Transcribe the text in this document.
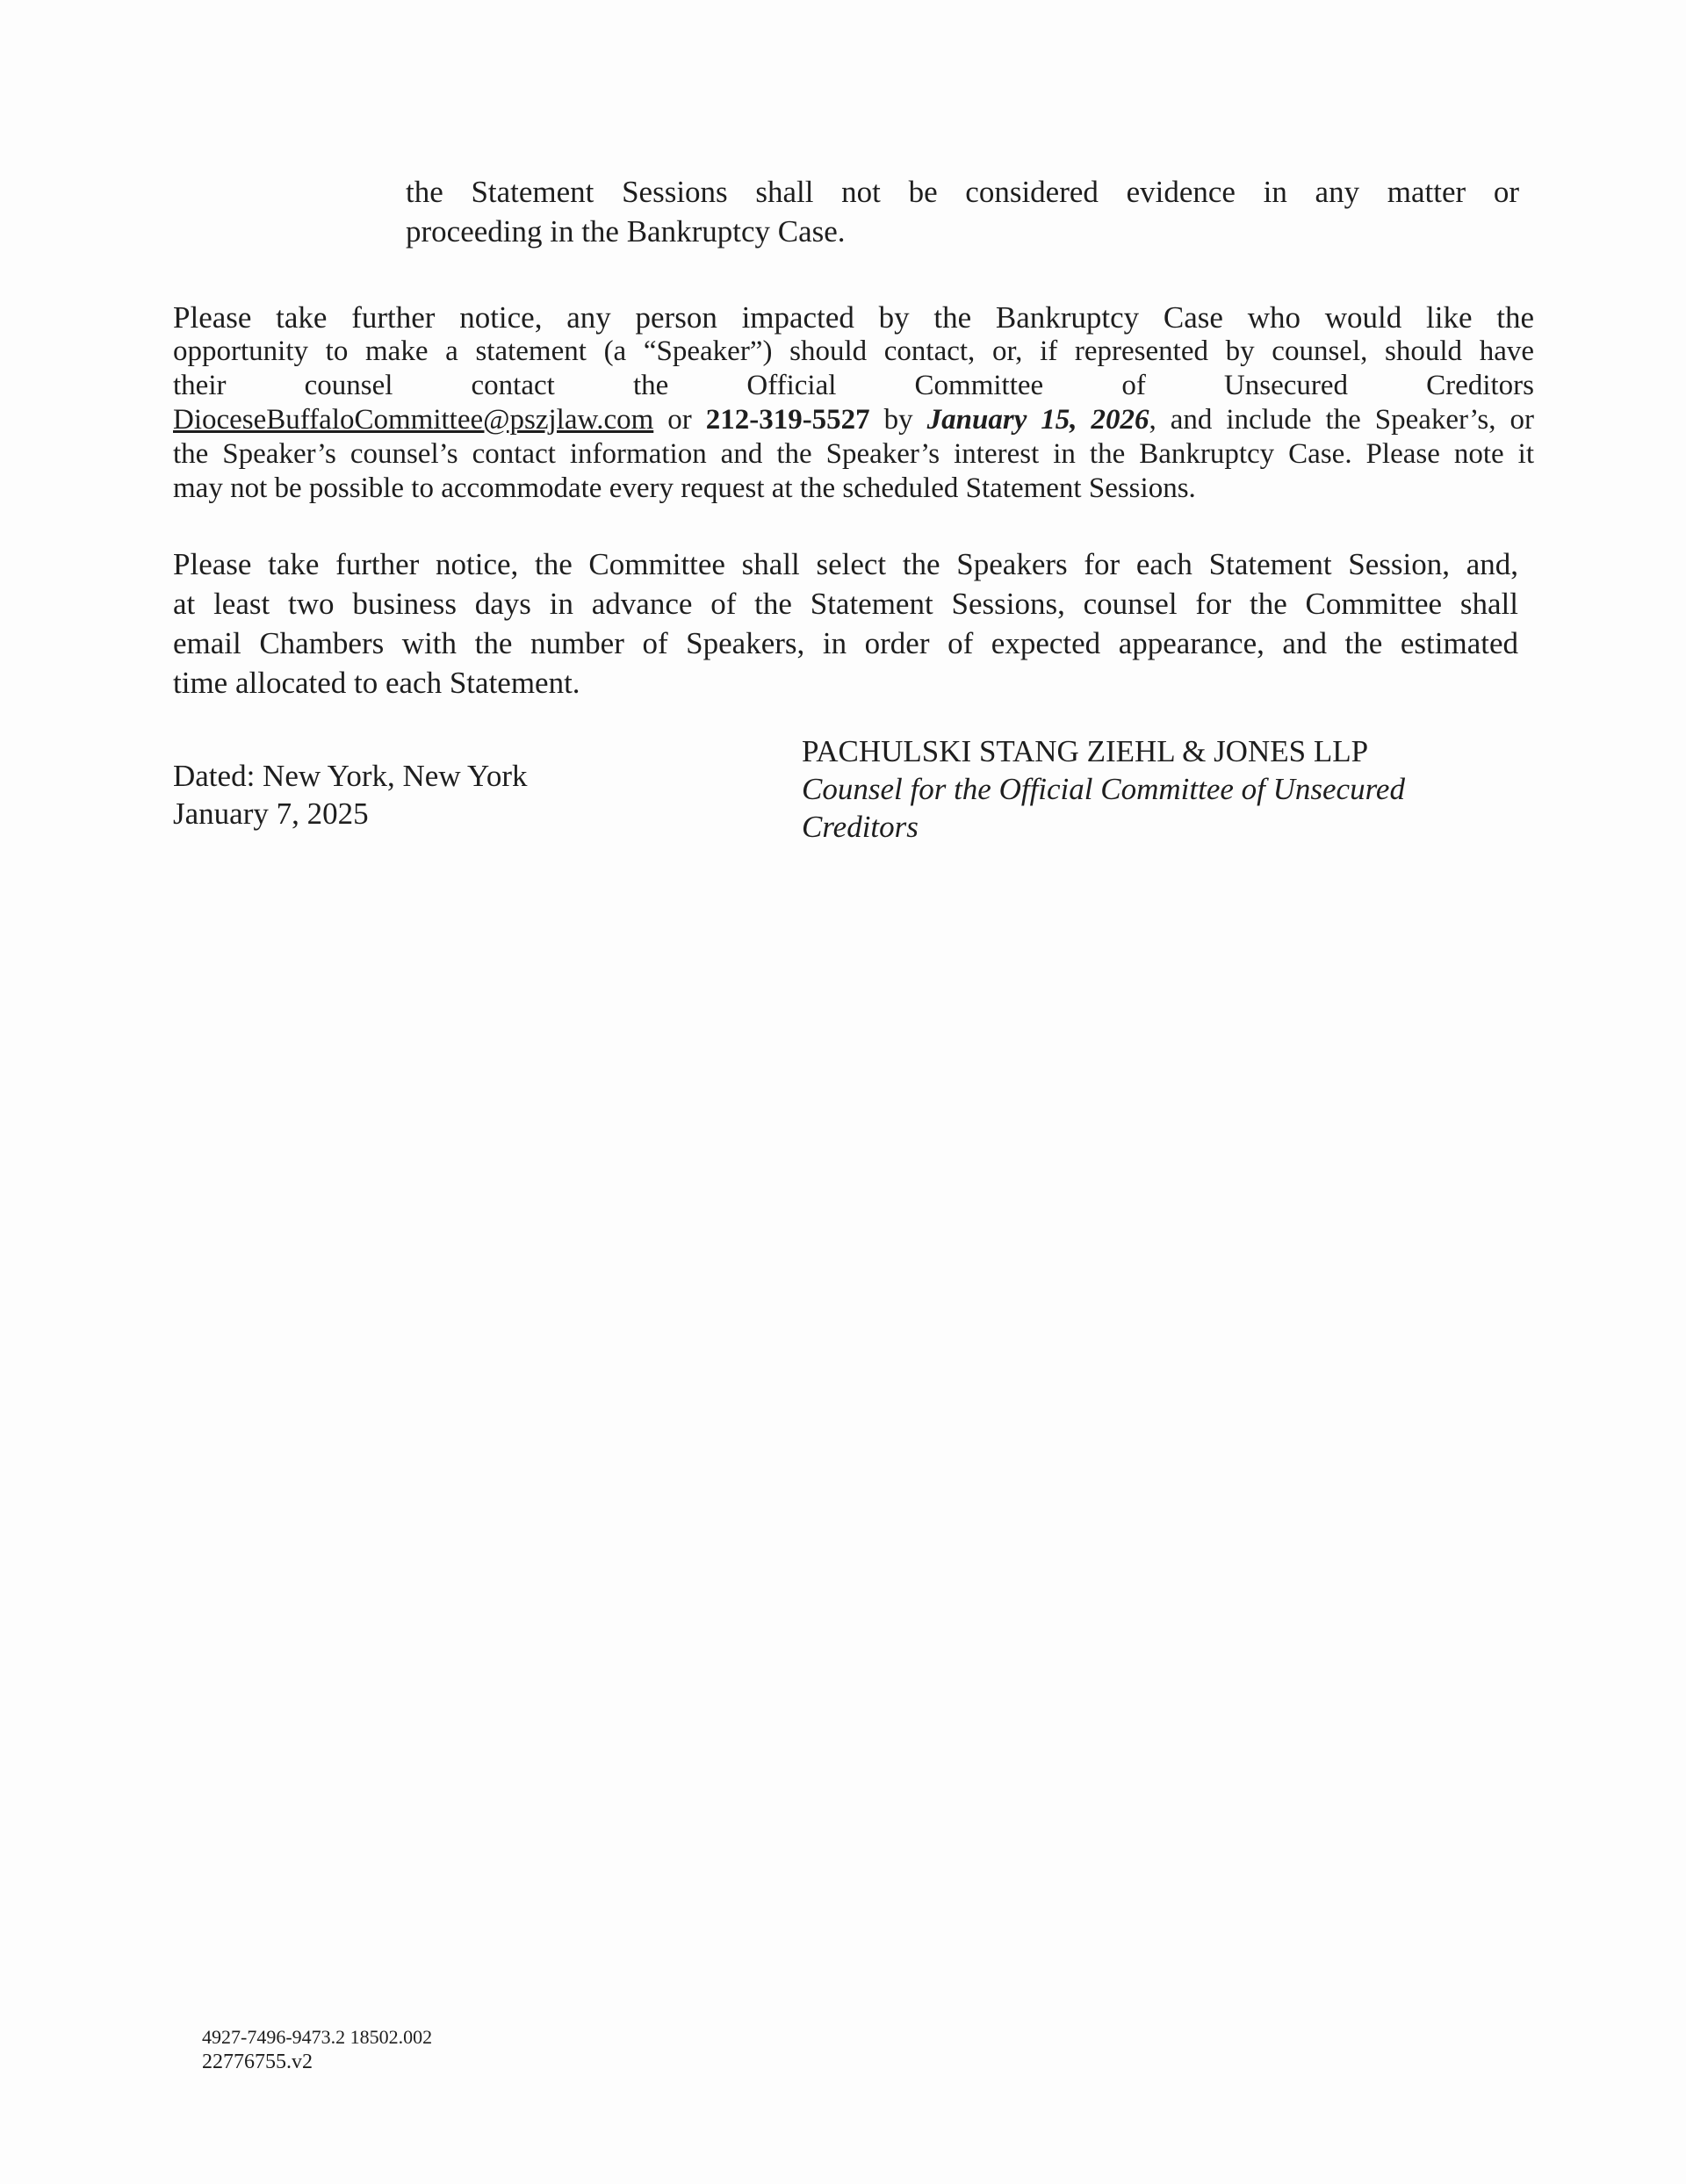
the Statement Sessions shall not be considered evidence in any matter or
proceeding in the Bankruptcy Case.
Please take further notice, any person impacted by the Bankruptcy Case who would like the
opportunity to make a statement (a “Speaker”) should contact, or, if represented by counsel, should have
their counsel contact the Official Committee of Unsecured Creditors
DioceseBuffaloCommittee@pszjlaw.com or 212-319-5527 by January 15, 2026, and include the Speaker’s, or
the Speaker’s counsel’s contact information and the Speaker’s interest in the Bankruptcy Case. Please note it
may not be possible to accommodate every request at the scheduled Statement Sessions.
Please take further notice, the Committee shall select the Speakers for each Statement Session, and,
at least two business days in advance of the Statement Sessions, counsel for the Committee shall
email Chambers with the number of Speakers, in order of expected appearance, and the estimated
time allocated to each Statement.
Dated: New York, New York
January 7, 2025
PACHULSKI STANG ZIEHL & JONES LLP
Counsel for the Official Committee of Unsecured
Creditors
4927-7496-9473.2 18502.002
22776755.v2
